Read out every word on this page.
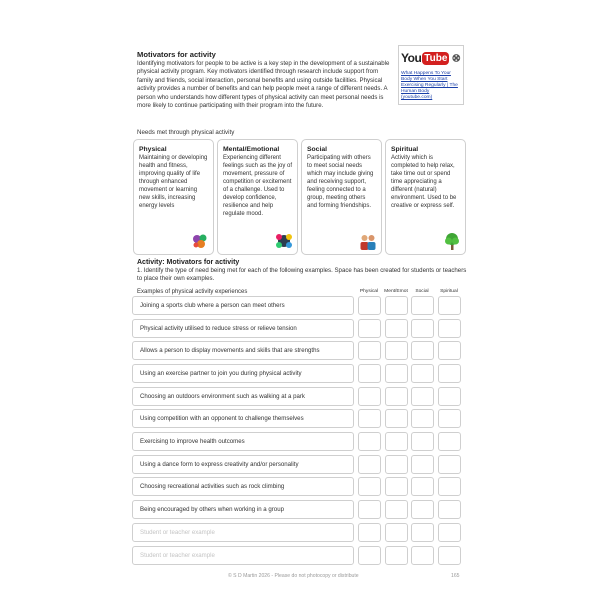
Motivators for activity
Identifying motivators for people to be active is a key step in the development of a sustainable physical activity program. Key motivators identified through research include support from family and friends, social interaction, personal benefits and using outside facilities. Physical activity provides a number of benefits and can help people meet a range of different needs. A person who understands how different types of physical activity can meet personal needs is more likely to continue participating with their program into the future.
You Tube
What Happens To Your Body When You Start Exercising Regularly | The Human Body (youtube.com)
Needs met through physical activity
Physical
Maintaining or developing health and fitness, improving quality of life through enhanced movement or learning new skills, increasing energy levels
Mental/Emotional
Experiencing different feelings such as the joy of movement, pressure of competition or excitement of a challenge. Used to develop confidence, resilience and help regulate mood.
Social
Participating with others to meet social needs which may include giving and receiving support, feeling connected to a group, meeting others and forming friendships.
Spiritual
Activity which is completed to help relax, take time out or spend time appreciating a different (natural) environment. Used to be creative or express self.
Activity: Motivators for activity
1. Identify the type of need being met for each of the following examples. Space has been created for students or teachers to place their own examples.
Examples of physical activity experiences	Physical	Ment/Emot	Social	Spiritual
Joining a sports club where a person can meet others
Physical activity utilised to reduce stress or relieve tension
Allows a person to display movements and skills that are strengths
Using an exercise partner to join you during physical activity
Choosing an outdoors environment such as walking at a park
Using competition with an opponent to challenge themselves
Exercising to improve health outcomes
Using a dance form to express creativity and/or personality
Choosing recreational activities such as rock climbing
Being encouraged by others when working in a group
Student or teacher example
Student or teacher example
© S D Martin 2026 - Please do not photocopy or distribute	165
